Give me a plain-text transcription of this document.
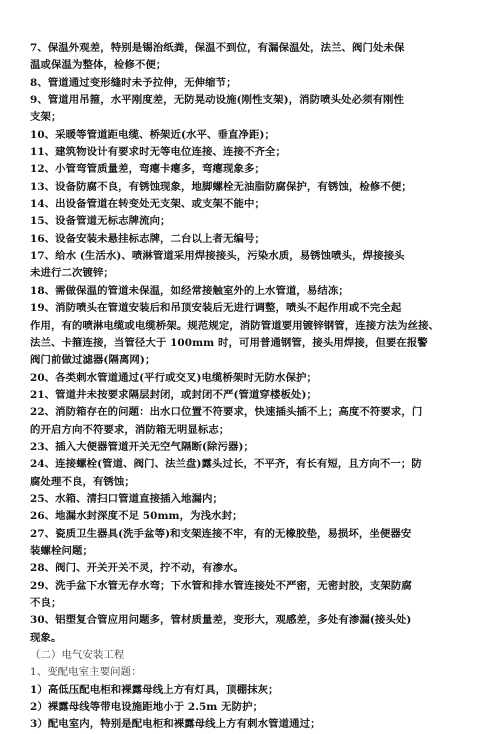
7、保温外观差，特别是锡治纸粪，保温不到位，有漏保温处，法兰、阀门处未保
温或保温为整体，检修不便；
8、管道通过变形缝时未予拉伸，无伸缩节；
9、管道用吊箍，水平刚度差，无防晃动设施(刚性支架)，消防喷头处必须有刚性
支架；
10、采暖等管道距电缆、桥架近(水平、垂直净距)；
11、建筑物设计有要求时无等电位连接、连接不齐全；
12、小管弯管质量差，弯瘪卡瘪多，弯瘪现象多；
13、设备防腐不良，有锈蚀现象，地脚螺栓无油脂防腐保护，有锈蚀，检修不便；
14、出设备管道在转变处无支架、或支架不能中；
15、设备管道无标志牌流向；
16、设备安装未悬挂标志牌，二台以上者无编号；
17、给水 (生活水)、喷淋管道采用焊接接头，污染水质，易锈蚀喷头，焊接接头
未进行二次镀锌；
18、需做保温的管道未保温，如经常接触室外的上水管道，易结冻；
19、消防喷头在管道安装后和吊顶安装后无进行调整，喷头不起作用或不完全起
作用，有的喷淋电缆或电缆桥架。规范规定，消防管道要用镀锌钢管，连接方法为丝接、
法兰、卡箍连接，当管径大于 100mm 时，可用普通钢管，接头用焊接，但要在报警
阀门前做过滤器(隔离网)；
20、各类刺水管道通过(平行或交叉)电缆桥架时无防水保护；
21、管道井未按要求隔层封闭，或封闭不严(管道穿楼板处)；
22、消防箱存在的问题：出水口位置不符要求，快速插头插不上；高度不符要求，门
的开启方向不符要求，消防箱无明显标志；
23、插入大便器管道开关无空气隔断(除污器)；
24、连接螺栓(管道、阀门、法兰盘)露头过长，不平齐，有长有短，且方向不一；防
腐处理不良，有锈蚀；
25、水箱、清扫口管道直接插入地漏内；
26、地漏水封深度不足 50mm，为浅水封；
27、瓷质卫生器具(洗手盆等)和支架连接不牢，有的无橡胶垫，易损坏，坐便器安
装螺栓问题；
28、阀门、开关开关不灵，拧不动，有渗水。
29、洗手盆下水管无存水弯；下水管和排水管连接处不严密，无密封胶，支架防腐
不良；
30、铝塑复合管应用问题多，管材质量差，变形大，观感差，多处有渗漏(接头处)
现象。
（二）电气安装工程
1、变配电室主要问题：
1）高低压配电柜和裸露母线上方有灯具，顶棚抹灰；
2）裸露母线等带电设施距地小于 2.5m 无防护；
3）配电室内，特别是配电柜和裸露母线上方有刺水管道通过；
